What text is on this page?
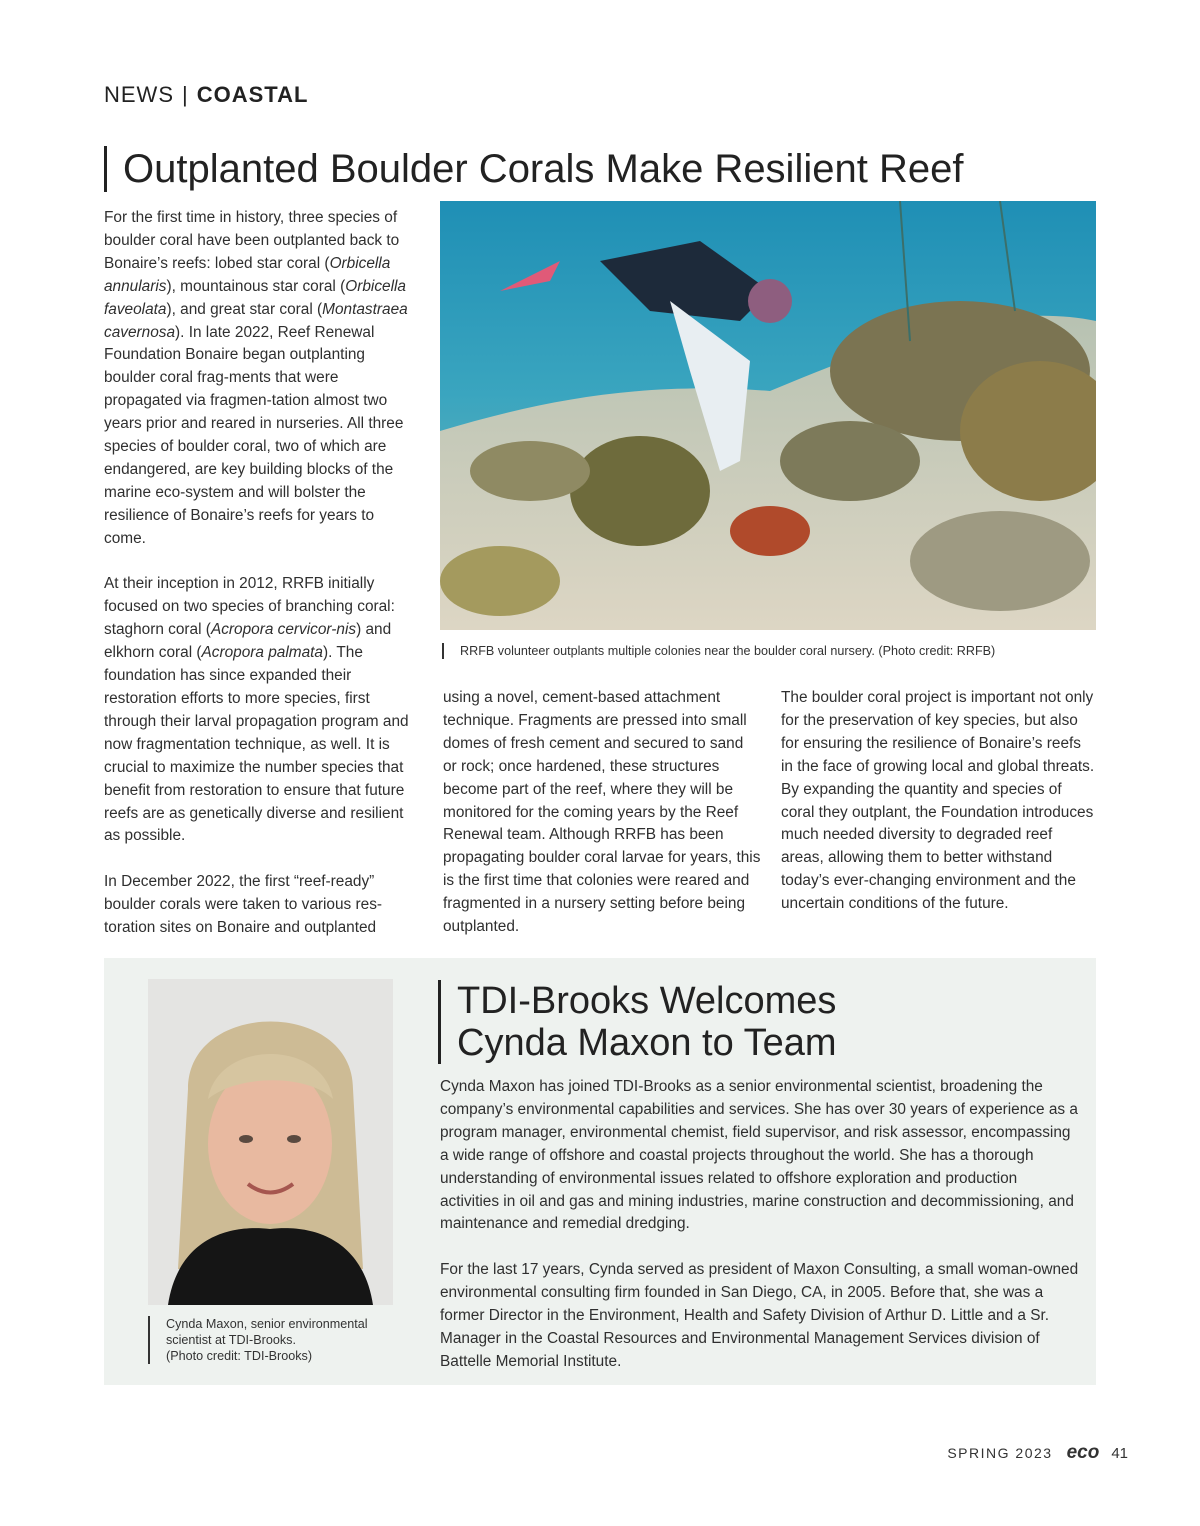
NEWS | COASTAL
Outplanted Boulder Corals Make Resilient Reef

For the first time in history, three species of boulder coral have been outplanted back to Bonaire’s reefs: lobed star coral (Orbicella annularis), mountainous star coral (Orbicella faveolata), and great star coral (Montastraea cavernosa). In late 2022, Reef Renewal Foundation Bonaire began outplanting boulder coral frag-ments that were propagated via fragmen-tation almost two years prior and reared in nurseries. All three species of boulder coral, two of which are endangered, are key building blocks of the marine eco-system and will bolster the resilience of Bonaire’s reefs for years to come.

At their inception in 2012, RRFB initially focused on two species of branching coral: staghorn coral (Acropora cervicor-nis) and elkhorn coral (Acropora palmata). The foundation has since expanded their restoration efforts to more species, first through their larval propagation program and now fragmentation technique, as well. It is crucial to maximize the number species that benefit from restoration to ensure that future reefs are as genetically diverse and resilient as possible.

In December 2022, the first “reef-ready” boulder corals were taken to various res-toration sites on Bonaire and outplanted

RRFB volunteer outplants multiple colonies near the boulder coral nursery. (Photo credit: RRFB)
using a novel, cement-based attachment technique. Fragments are pressed into small domes of fresh cement and secured to sand or rock; once hardened, these structures become part of the reef, where they will be monitored for the coming years by the Reef Renewal team. Although RRFB has been propagating boulder coral larvae for years, this is the first time that colonies were reared and fragmented in a nursery setting before being outplanted.
The boulder coral project is important not only for the preservation of key species, but also for ensuring the resilience of Bonaire’s reefs in the face of growing local and global threats. By expanding the quantity and species of coral they outplant, the Foundation introduces much needed diversity to degraded reef areas, allowing them to better withstand today’s ever-changing environment and the uncertain conditions of the future.
Cynda Maxon, senior environmental
scientist at TDI-Brooks.
(Photo credit: TDI-Brooks)
TDI-Brooks Welcomes
Cynda Maxon to Team

Cynda Maxon has joined TDI-Brooks as a senior environmental scientist, broadening the company’s environmental capabilities and services. She has over 30 years of experience as a program manager, environmental chemist, field supervisor, and risk assessor, encompassing a wide range of offshore and coastal projects throughout the world. She has a thorough understanding of environmental issues related to offshore exploration and production activities in oil and gas and mining industries, marine construction and decommissioning, and maintenance and remedial dredging.

For the last 17 years, Cynda served as president of Maxon Consulting, a small woman-owned environmental consulting firm founded in San Diego, CA, in 2005. Before that, she was a former Director in the Environment, Health and Safety Division of Arthur D. Little and a Sr. Manager in the Coastal Resources and Environmental Management Services division of Battelle Memorial Institute.

SPRING 2023 eco 41
